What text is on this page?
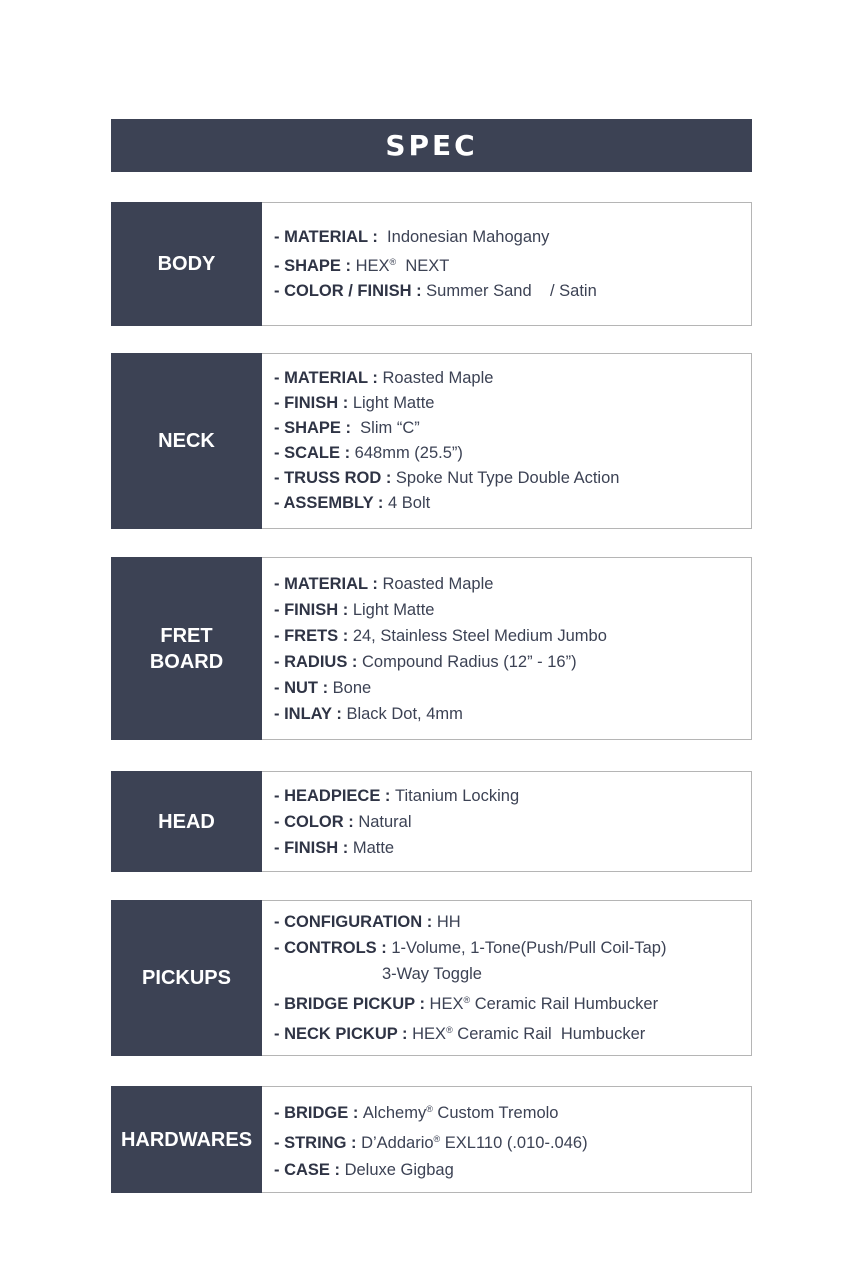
SPEC
BODY
- MATERIAL :  Indonesian Mahogany
- SHAPE : HEX®  NEXT
- COLOR / FINISH : Summer Sand    / Satin
NECK
- MATERIAL : Roasted Maple
- FINISH : Light Matte
- SHAPE :  Slim “C”
- SCALE : 648mm (25.5”)
- TRUSS ROD : Spoke Nut Type Double Action
- ASSEMBLY : 4 Bolt
FRET
BOARD
- MATERIAL : Roasted Maple
- FINISH : Light Matte
- FRETS : 24, Stainless Steel Medium Jumbo
- RADIUS : Compound Radius (12” - 16”)
- NUT : Bone
- INLAY : Black Dot, 4mm
HEAD
- HEADPIECE : Titanium Locking
- COLOR : Natural
- FINISH : Matte
PICKUPS
- CONFIGURATION : HH
- CONTROLS : 1-Volume, 1-Tone(Push/Pull Coil-Tap)
3-Way Toggle
- BRIDGE PICKUP : HEX® Ceramic Rail Humbucker
- NECK PICKUP : HEX® Ceramic Rail  Humbucker
HARDWARES
- BRIDGE : Alchemy® Custom Tremolo
- STRING : D’Addario® EXL110 (.010-.046)
- CASE : Deluxe Gigbag
